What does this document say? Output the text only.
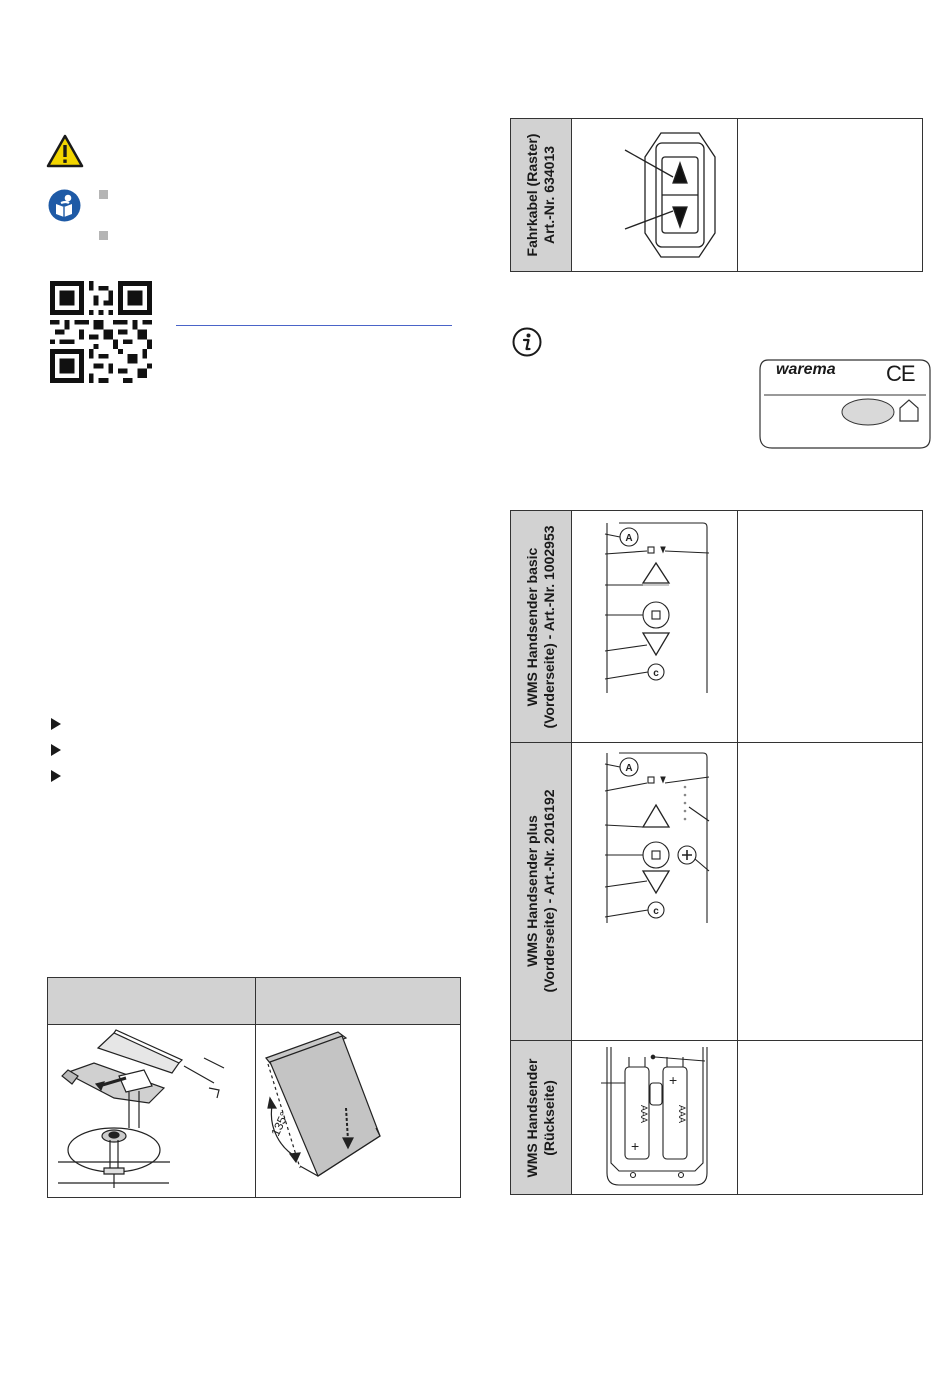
135°
Fahrkabel (Raster)
Art.-Nr. 634013
warema CE
WMS Handsender basic
(Vorderseite) - Art.-Nr. 1002953
WMS Handsender plus
(Vorderseite) - Art.-Nr. 2016192
WMS Handsender
(Rückseite)
A
c
A
c
AAA	AAA
+
+
